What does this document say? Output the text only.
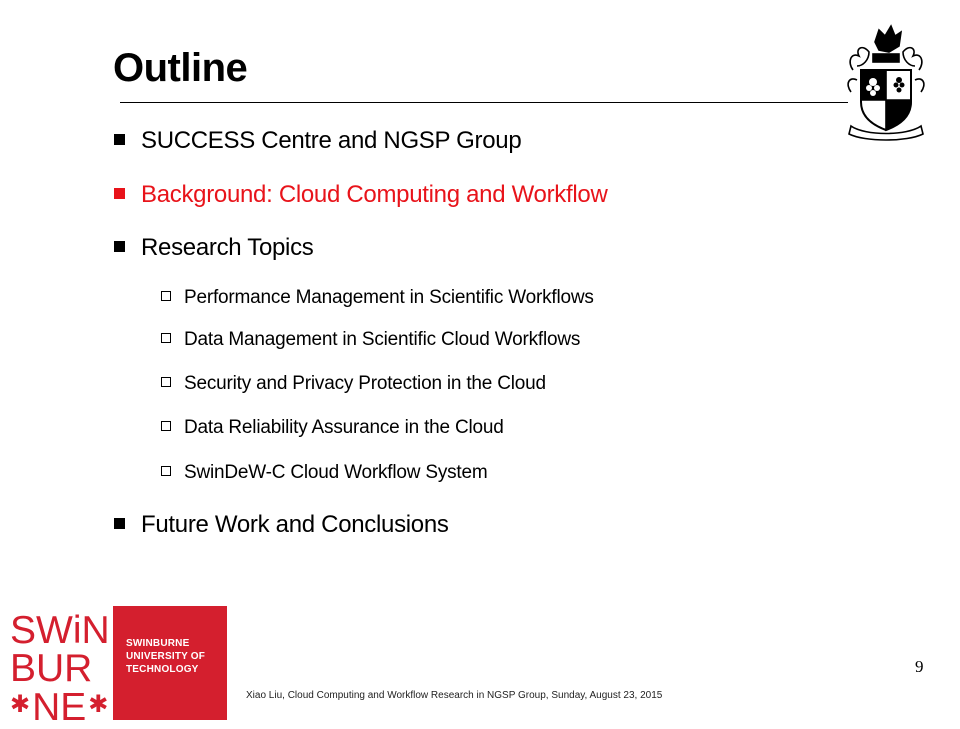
Outline
SUCCESS Centre and NGSP Group
Background: Cloud Computing and Workflow
Research Topics
Performance Management in Scientific Workflows
Data Management in Scientific Cloud Workflows
Security and Privacy Protection in the Cloud
Data Reliability Assurance in the Cloud
SwinDeW-C Cloud Workflow System
Future Work and Conclusions
SWiN
BUR
✱NE✱
SWINBURNE
UNIVERSITY OF
TECHNOLOGY	9
Xiao Liu, Cloud Computing and Workflow Research in NGSP Group, Sunday, August 23, 2015
